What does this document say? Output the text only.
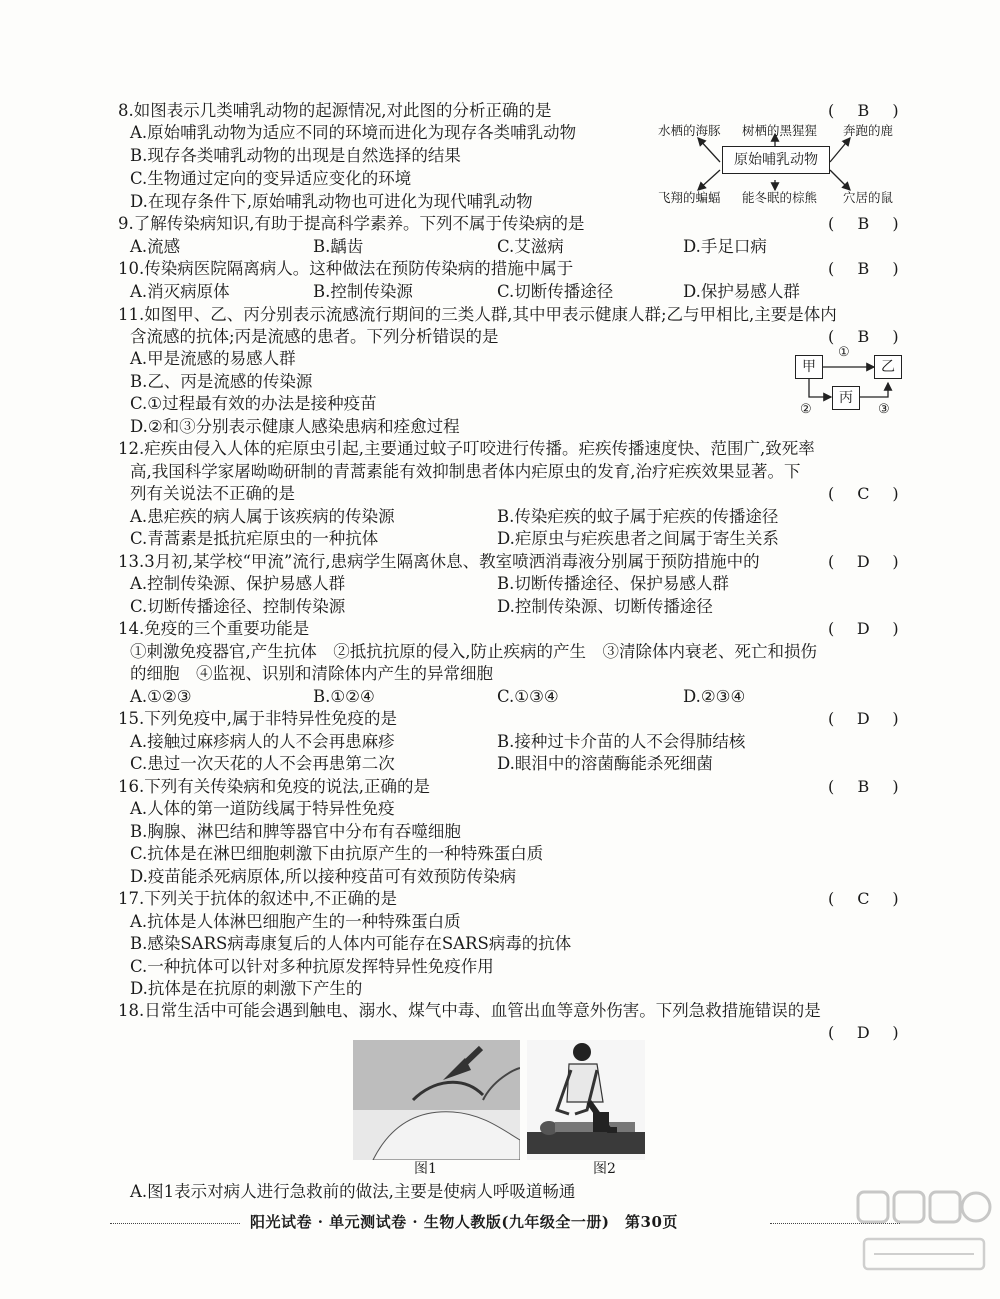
8.如图表示几类哺乳动物的起源情况,对此图的分析正确的是	( B )
A.原始哺乳动物为适应不同的环境而进化为现存各类哺乳动物
B.现存各类哺乳动物的出现是自然选择的结果
C.生物通过定向的变异适应变化的环境
D.在现存条件下,原始哺乳动物也可进化为现代哺乳动物
水栖的海豚 树栖的黑猩猩 奔跑的鹿
原始哺乳动物
飞翔的蝙蝠 能冬眠的棕熊 穴居的鼠
9.了解传染病知识,有助于提高科学素养。下列不属于传染病的是	( B )
A.流感	B.龋齿	C.艾滋病	D.手足口病
10.传染病医院隔离病人。这种做法在预防传染病的措施中属于	( B )
A.消灭病原体	B.控制传染源	C.切断传播途径	D.保护易感人群
11.如图甲、乙、丙分别表示流感流行期间的三类人群,其中甲表示健康人群;乙与甲相比,主要是体内
含流感的抗体;丙是流感的患者。下列分析错误的是	( B )
A.甲是流感的易感人群
B.乙、丙是流感的传染源
C.①过程最有效的办法是接种疫苗
D.②和③分别表示健康人感染患病和痊愈过程
甲	乙
丙
①
②	③
12.疟疾由侵入人体的疟原虫引起,主要通过蚊子叮咬进行传播。疟疾传播速度快、范围广,致死率
高,我国科学家屠呦呦研制的青蒿素能有效抑制患者体内疟原虫的发育,治疗疟疾效果显著。下
列有关说法不正确的是	( C )
A.患疟疾的病人属于该疾病的传染源	B.传染疟疾的蚊子属于疟疾的传播途径
C.青蒿素是抵抗疟原虫的一种抗体	D.疟原虫与疟疾患者之间属于寄生关系
13.3月初,某学校“甲流”流行,患病学生隔离休息、教室喷洒消毒液分别属于预防措施中的	( D )
A.控制传染源、保护易感人群	B.切断传播途径、保护易感人群
C.切断传播途径、控制传染源	D.控制传染源、切断传播途径
14.免疫的三个重要功能是	( D )
①刺激免疫器官,产生抗体　②抵抗抗原的侵入,防止疾病的产生　③清除体内衰老、死亡和损伤
的细胞　④监视、识别和清除体内产生的异常细胞
A.①②③	B.①②④	C.①③④	D.②③④
15.下列免疫中,属于非特异性免疫的是	( D )
A.接触过麻疹病人的人不会再患麻疹	B.接种过卡介苗的人不会得肺结核
C.患过一次天花的人不会再患第二次	D.眼泪中的溶菌酶能杀死细菌
16.下列有关传染病和免疫的说法,正确的是	( B )
A.人体的第一道防线属于特异性免疫
B.胸腺、淋巴结和脾等器官中分布有吞噬细胞
C.抗体是在淋巴细胞刺激下由抗原产生的一种特殊蛋白质
D.疫苗能杀死病原体,所以接种疫苗可有效预防传染病
17.下列关于抗体的叙述中,不正确的是	( C )
A.抗体是人体淋巴细胞产生的一种特殊蛋白质
B.感染SARS病毒康复后的人体内可能存在SARS病毒的抗体
C.一种抗体可以针对多种抗原发挥特异性免疫作用
D.抗体是在抗原的刺激下产生的
18.日常生活中可能会遇到触电、溺水、煤气中毒、血管出血等意外伤害。下列急救措施错误的是
( D )
图1	图2
A.图1表示对病人进行急救前的做法,主要是使病人呼吸道畅通
阳光试卷 · 单元测试卷 · 生物人教版(九年级全一册)　第30页
